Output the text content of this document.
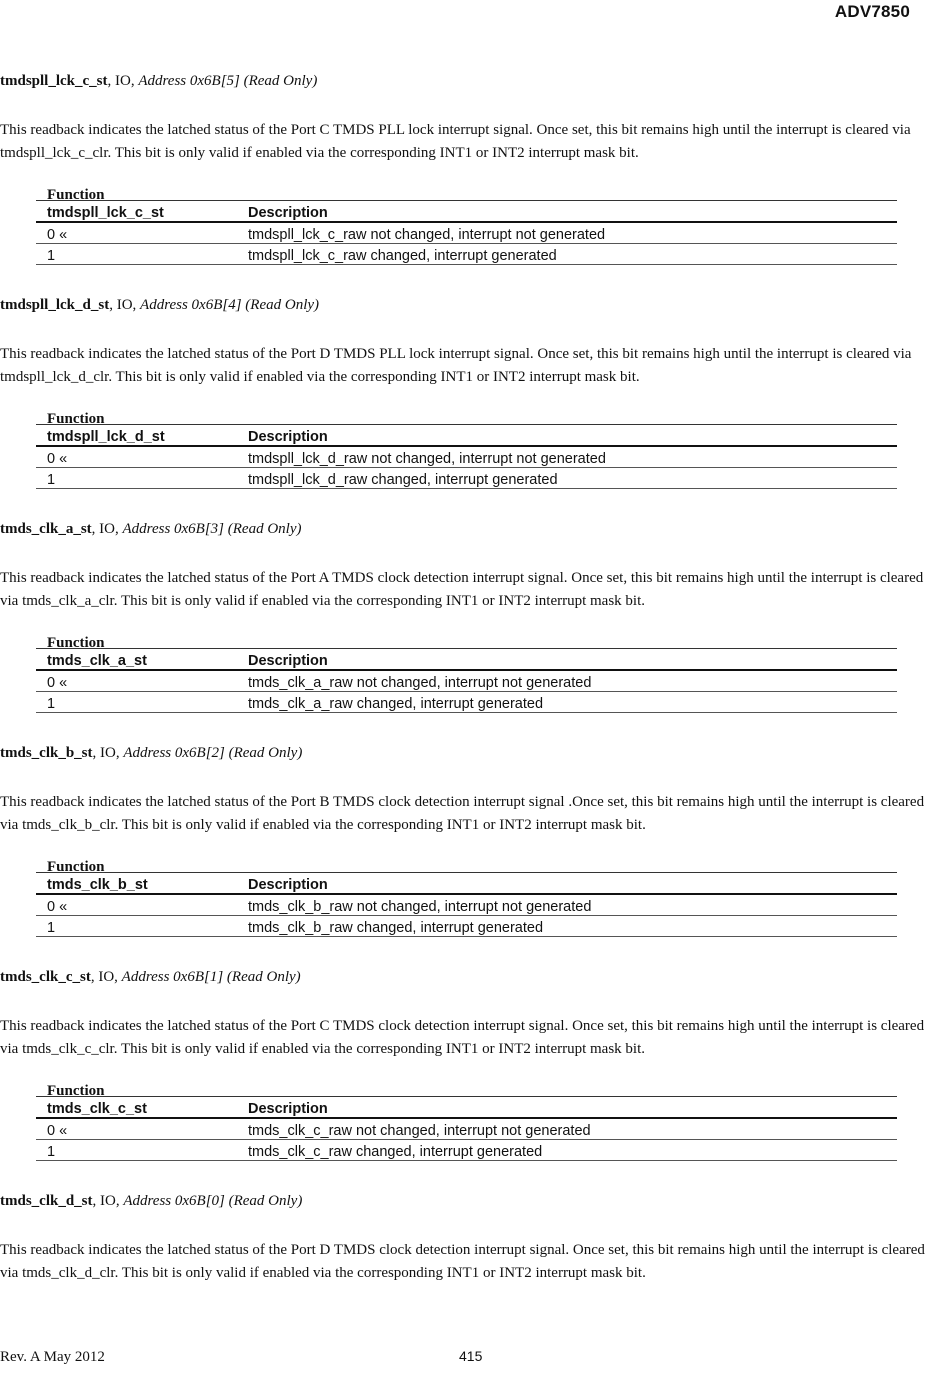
ADV7850
tmdspll_lck_c_st, IO, Address 0x6B[5] (Read Only)

This readback indicates the latched status of the Port C TMDS PLL lock interrupt signal. Once set, this bit remains high until the interrupt is cleared via tmdspll_lck_c_clr. This bit is only valid if enabled via the corresponding INT1 or INT2 interrupt mask bit.

Function
tmdspll_lck_c_st	Description
0 «	tmdspll_lck_c_raw not changed, interrupt not generated
1	tmdspll_lck_c_raw changed, interrupt generated
tmdspll_lck_d_st, IO, Address 0x6B[4] (Read Only)

This readback indicates the latched status of the Port D TMDS PLL lock interrupt signal. Once set, this bit remains high until the interrupt is cleared via tmdspll_lck_d_clr. This bit is only valid if enabled via the corresponding INT1 or INT2 interrupt mask bit.

Function
tmdspll_lck_d_st	Description
0 «	tmdspll_lck_d_raw not changed, interrupt not generated
1	tmdspll_lck_d_raw changed, interrupt generated
tmds_clk_a_st, IO, Address 0x6B[3] (Read Only)

This readback indicates the latched status of the Port A TMDS clock detection interrupt signal. Once set, this bit remains high until the interrupt is cleared via tmds_clk_a_clr. This bit is only valid if enabled via the corresponding INT1 or INT2 interrupt mask bit.

Function
tmds_clk_a_st	Description
0 «	tmds_clk_a_raw not changed, interrupt not generated
1	tmds_clk_a_raw changed, interrupt generated
tmds_clk_b_st, IO, Address 0x6B[2] (Read Only)

This readback indicates the latched status of the Port B TMDS clock detection interrupt signal .Once set, this bit remains high until the interrupt is cleared via tmds_clk_b_clr. This bit is only valid if enabled via the corresponding INT1 or INT2 interrupt mask bit.

Function
tmds_clk_b_st	Description
0 «	tmds_clk_b_raw not changed, interrupt not generated
1	tmds_clk_b_raw changed, interrupt generated
tmds_clk_c_st, IO, Address 0x6B[1] (Read Only)

This readback indicates the latched status of the Port C TMDS clock detection interrupt signal. Once set, this bit remains high until the interrupt is cleared via tmds_clk_c_clr. This bit is only valid if enabled via the corresponding INT1 or INT2 interrupt mask bit.

Function
tmds_clk_c_st	Description
0 «	tmds_clk_c_raw not changed, interrupt not generated
1	tmds_clk_c_raw changed, interrupt generated
tmds_clk_d_st, IO, Address 0x6B[0] (Read Only)

This readback indicates the latched status of the Port D TMDS clock detection interrupt signal. Once set, this bit remains high until the interrupt is cleared via tmds_clk_d_clr. This bit is only valid if enabled via the corresponding INT1 or INT2 interrupt mask bit.

Rev. A May 2012	415
